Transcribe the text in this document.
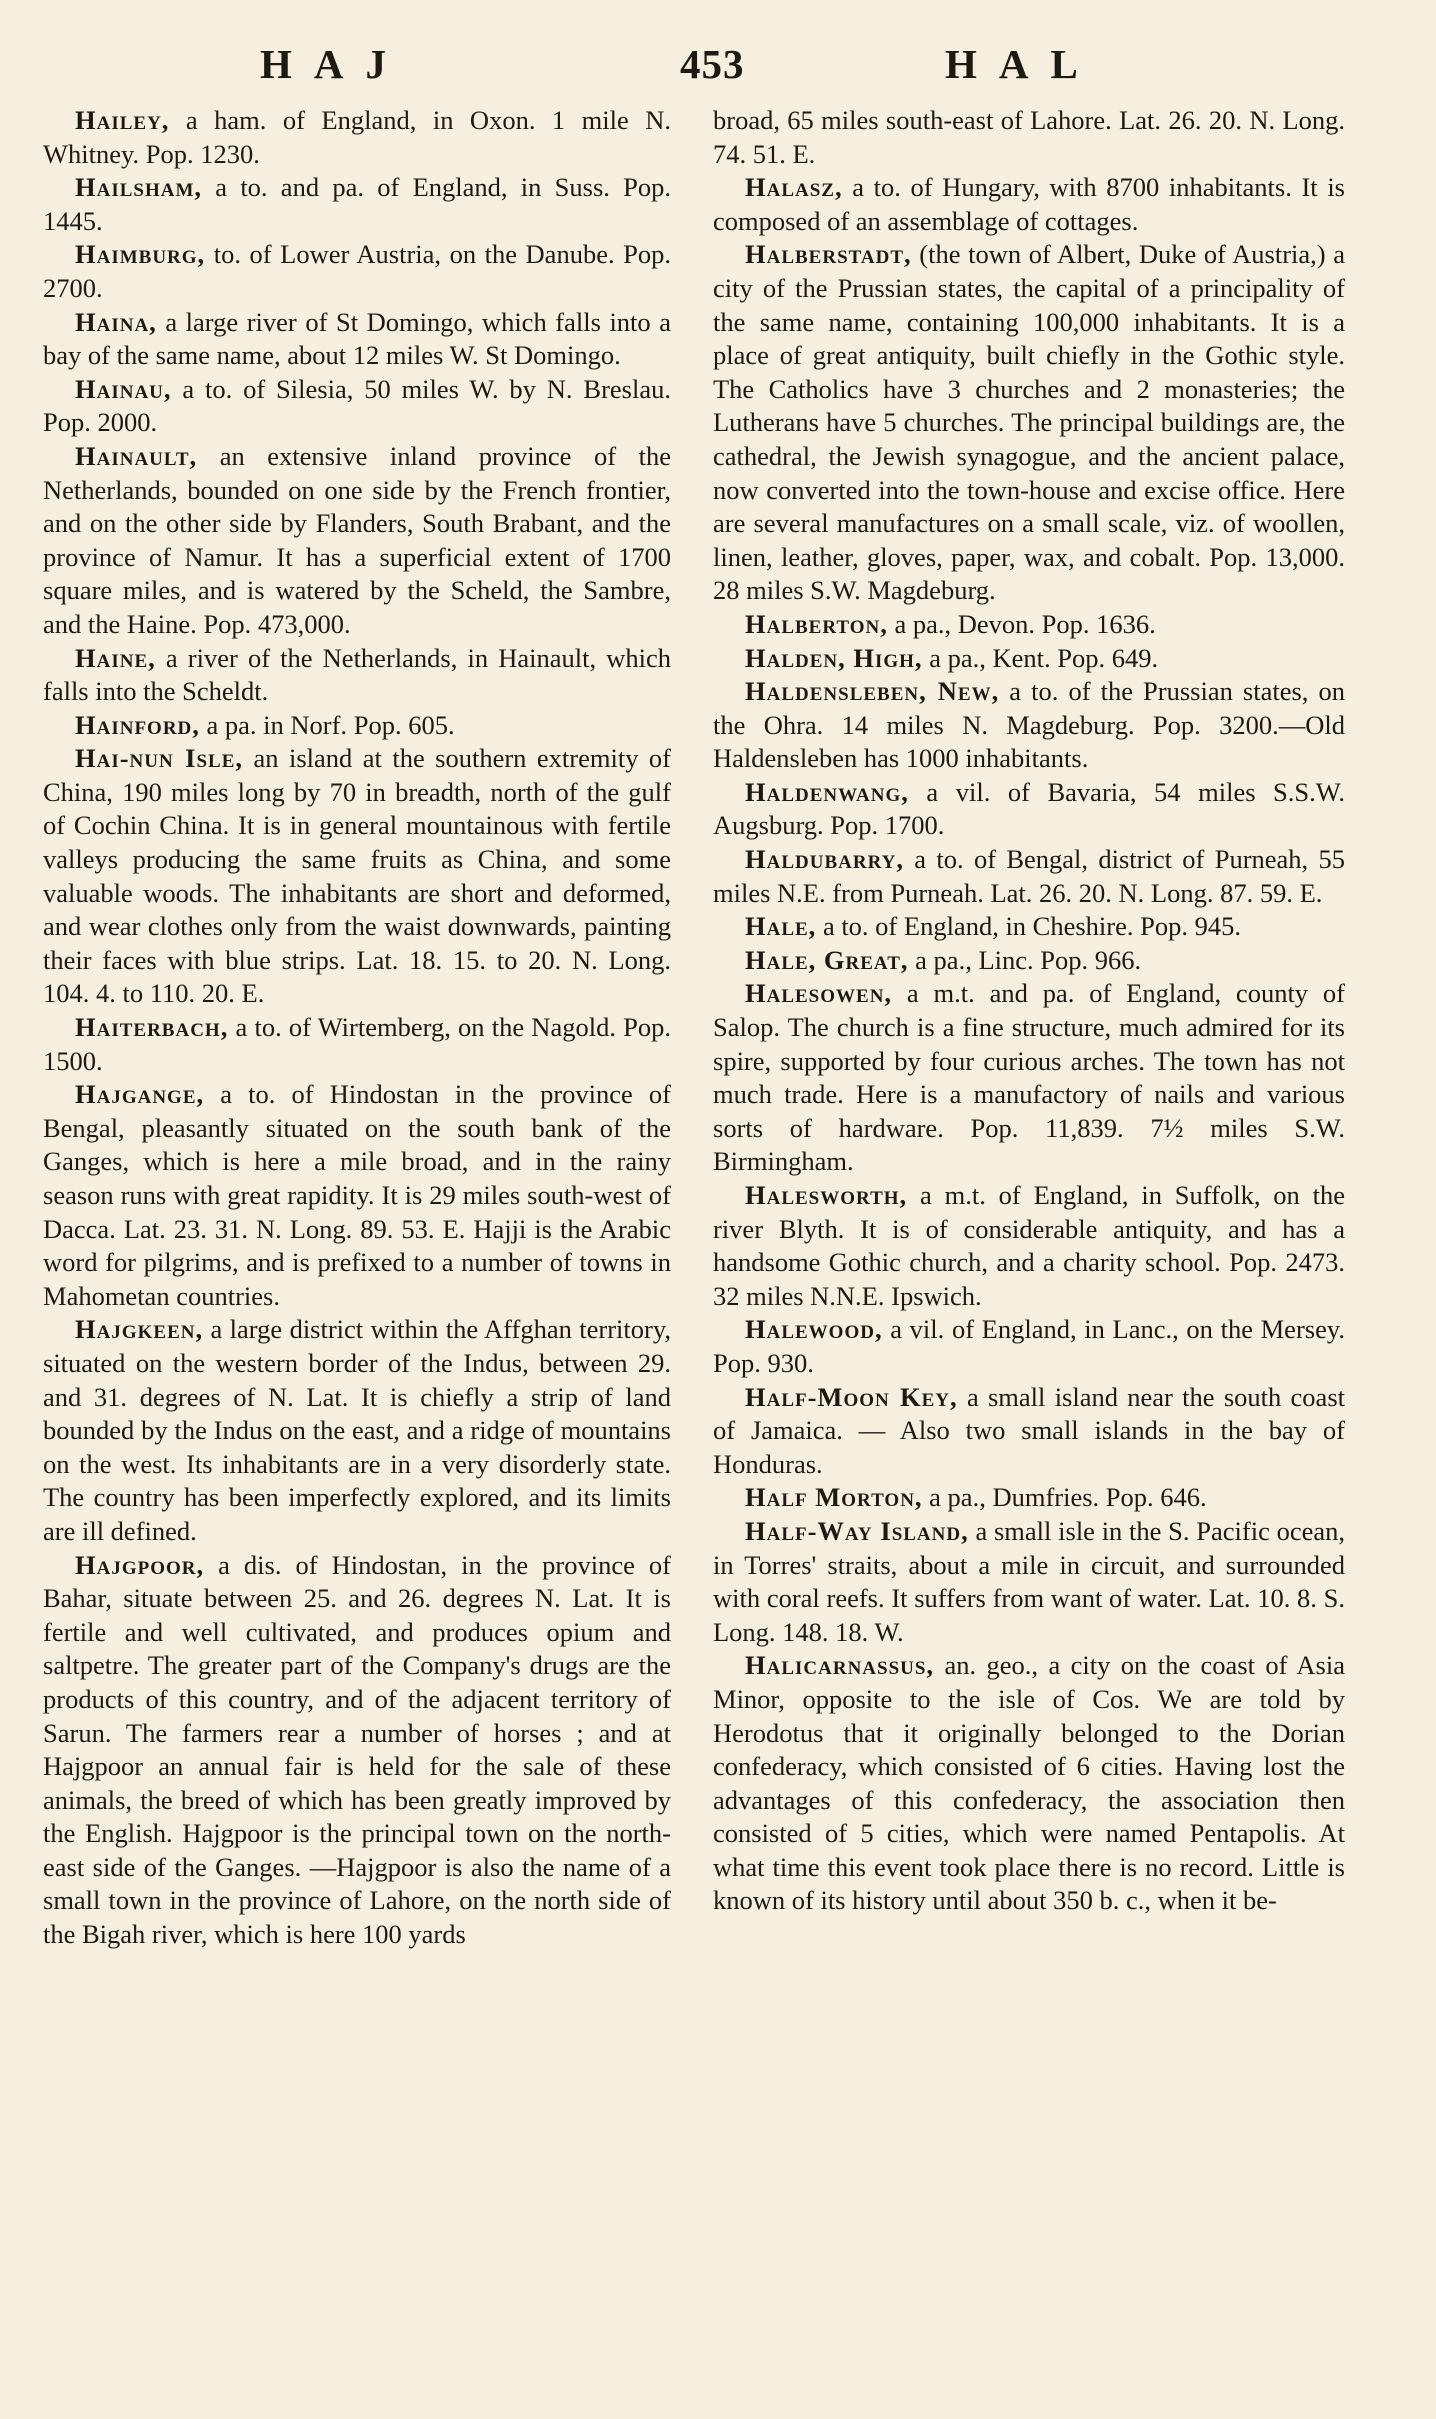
HAJ	453	HAL

Hailey, a ham. of England, in Oxon. 1 mile N. Whitney. Pop. 1230.

Hailsham, a to. and pa. of England, in Suss. Pop. 1445.

Haimburg, to. of Lower Austria, on the Danube. Pop. 2700.

Haina, a large river of St Domingo, which falls into a bay of the same name, about 12 miles W. St Domingo.

Hainau, a to. of Silesia, 50 miles W. by N. Breslau. Pop. 2000.

Hainault, an extensive inland province of the Netherlands, bounded on one side by the French frontier, and on the other side by Flanders, South Brabant, and the province of Namur. It has a superficial extent of 1700 square miles, and is watered by the Scheld, the Sambre, and the Haine. Pop. 473,000.

Haine, a river of the Netherlands, in Hainault, which falls into the Scheldt.

Hainford, a pa. in Norf. Pop. 605.

Hai-nun Isle, an island at the southern extremity of China, 190 miles long by 70 in breadth, north of the gulf of Cochin China. It is in general mountainous with fertile valleys producing the same fruits as China, and some valuable woods. The inhabitants are short and deformed, and wear clothes only from the waist downwards, painting their faces with blue strips. Lat. 18. 15. to 20. N. Long. 104. 4. to 110. 20. E.

Haiterbach, a to. of Wirtemberg, on the Nagold. Pop. 1500.

Hajgange, a to. of Hindostan in the province of Bengal, pleasantly situated on the south bank of the Ganges, which is here a mile broad, and in the rainy season runs with great rapidity. It is 29 miles south-west of Dacca. Lat. 23. 31. N. Long. 89. 53. E. Hajji is the Arabic word for pilgrims, and is prefixed to a number of towns in Mahometan countries.

Hajgkeen, a large district within the Affghan territory, situated on the western border of the Indus, between 29. and 31. degrees of N. Lat. It is chiefly a strip of land bounded by the Indus on the east, and a ridge of mountains on the west. Its inhabitants are in a very disorderly state. The country has been imperfectly explored, and its limits are ill defined.

Hajgpoor, a dis. of Hindostan, in the province of Bahar, situate between 25. and 26. degrees N. Lat. It is fertile and well cultivated, and produces opium and saltpetre. The greater part of the Company's drugs are the products of this country, and of the adjacent territory of Sarun. The farmers rear a number of horses ; and at Hajgpoor an annual fair is held for the sale of these animals, the breed of which has been greatly improved by the English. Hajgpoor is the principal town on the north-east side of the Ganges. —Hajgpoor is also the name of a small town in the province of Lahore, on the north side of the Bigah river, which is here 100 yards

broad, 65 miles south-east of Lahore. Lat. 26. 20. N. Long. 74. 51. E.

Halasz, a to. of Hungary, with 8700 inhabitants. It is composed of an assemblage of cottages.

Halberstadt, (the town of Albert, Duke of Austria,) a city of the Prussian states, the capital of a principality of the same name, containing 100,000 inhabitants. It is a place of great antiquity, built chiefly in the Gothic style. The Catholics have 3 churches and 2 monasteries; the Lutherans have 5 churches. The principal buildings are, the cathedral, the Jewish synagogue, and the ancient palace, now converted into the town-house and excise office. Here are several manufactures on a small scale, viz. of woollen, linen, leather, gloves, paper, wax, and cobalt. Pop. 13,000. 28 miles S.W. Magdeburg.

Halberton, a pa., Devon. Pop. 1636.

Halden, High, a pa., Kent. Pop. 649.

Haldensleben, New, a to. of the Prussian states, on the Ohra. 14 miles N. Magdeburg. Pop. 3200.—Old Haldensleben has 1000 inhabitants.

Haldenwang, a vil. of Bavaria, 54 miles S.S.W. Augsburg. Pop. 1700.

Haldubarry, a to. of Bengal, district of Purneah, 55 miles N.E. from Purneah. Lat. 26. 20. N. Long. 87. 59. E.

Hale, a to. of England, in Cheshire. Pop. 945.

Hale, Great, a pa., Linc. Pop. 966.

Halesowen, a m.t. and pa. of England, county of Salop. The church is a fine structure, much admired for its spire, supported by four curious arches. The town has not much trade. Here is a manufactory of nails and various sorts of hardware. Pop. 11,839. 7½ miles S.W. Birmingham.

Halesworth, a m.t. of England, in Suffolk, on the river Blyth. It is of considerable antiquity, and has a handsome Gothic church, and a charity school. Pop. 2473. 32 miles N.N.E. Ipswich.

Halewood, a vil. of England, in Lanc., on the Mersey. Pop. 930.

Half-Moon Key, a small island near the south coast of Jamaica. — Also two small islands in the bay of Honduras.

Half Morton, a pa., Dumfries. Pop. 646.

Half-Way Island, a small isle in the S. Pacific ocean, in Torres' straits, about a mile in circuit, and surrounded with coral reefs. It suffers from want of water. Lat. 10. 8. S. Long. 148. 18. W.

Halicarnassus, an. geo., a city on the coast of Asia Minor, opposite to the isle of Cos. We are told by Herodotus that it originally belonged to the Dorian confederacy, which consisted of 6 cities. Having lost the advantages of this confederacy, the association then consisted of 5 cities, which were named Pentapolis. At what time this event took place there is no record. Little is known of its history until about 350 b. c., when it be-
